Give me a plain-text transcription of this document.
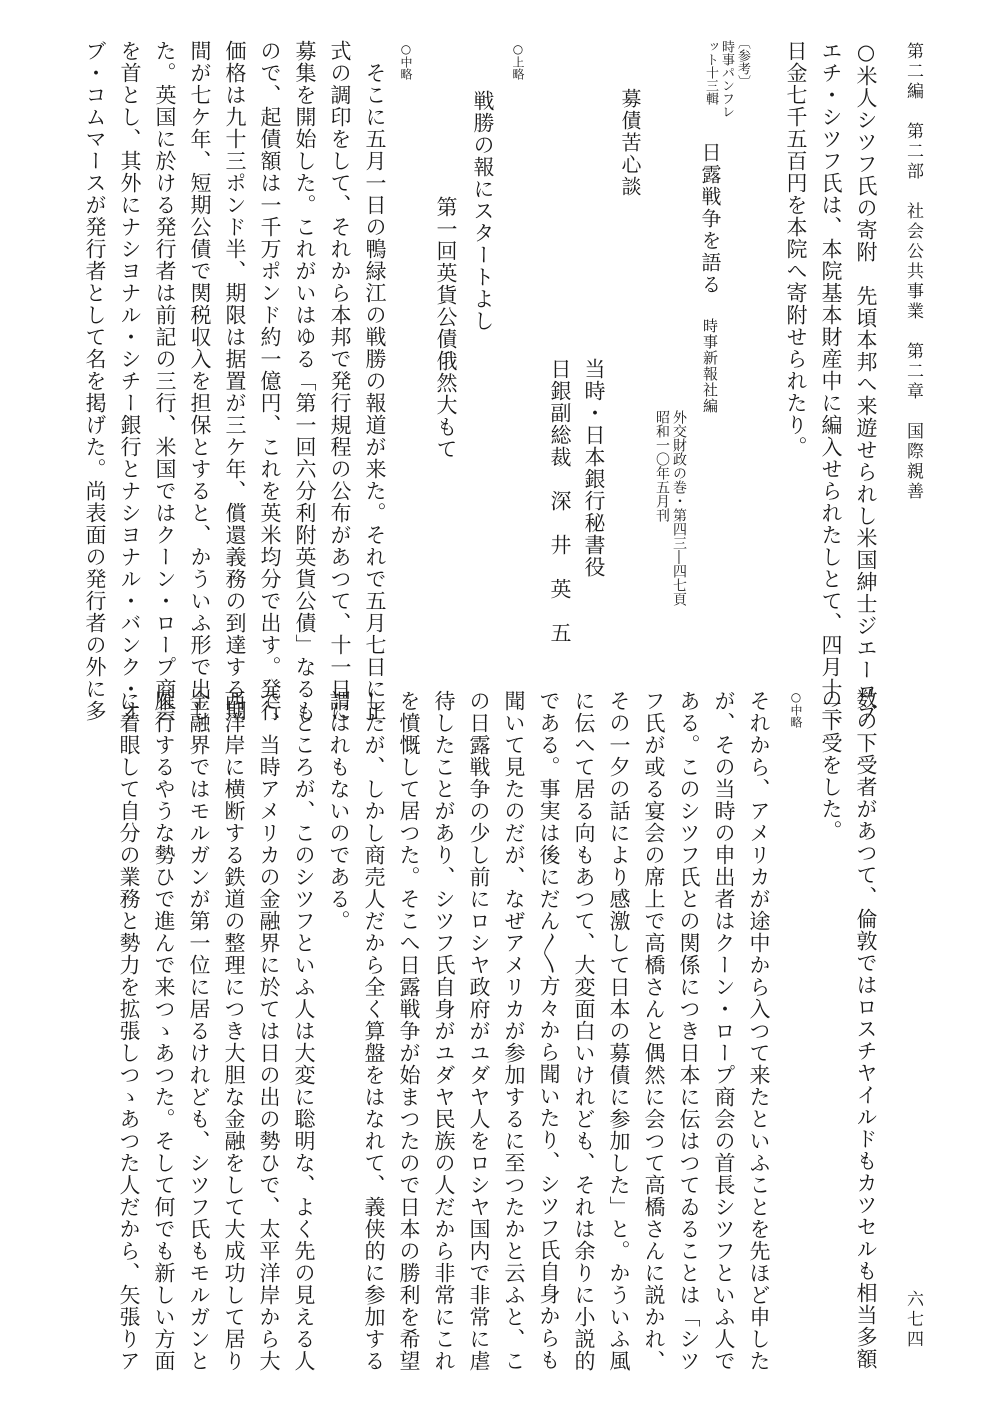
第二編　第二部　社会公共事業　第二章　国際親善
六七四
○米人シツフ氏の寄附　先頃本邦へ来遊せられし米国紳士ジエーコブ
エチ・シツフ氏は、本院基本財産中に編入せられたしとて、四月十三
日金七千五百円を本院へ寄附せられたり。
〔参考〕
時事パンフレ
ット十三輯
日露戦争を語る
時事新報社編
外交財政の巻・第四三―四七頁
昭和一〇年五月刊
募債苦心談
当時・日本銀行秘書役
日銀副総裁　深　井　英　五
○上略
戦勝の報にスタートよし
第一回英貨公債俄然大もて
○中略
そこに五月一日の鴨緑江の戦勝の報道が来た。それで五月七日に正
式の調印をして、それから本邦で発行規程の公布があつて、十一日に
募集を開始した。これがいはゆる「第一回六分利附英貨公債」なるも
ので、起債額は一千万ポンド約一億円、これを英米均分で出す。発行
価格は九十三ポンド半、期限は据置が三ケ年、償還義務の到達する期
間が七ケ年、短期公債で関税収入を担保とすると、かういふ形で出し
た。英国に於ける発行者は前記の三行、米国ではクーン・ロープ商会
を首とし、其外にナシヨナル・シチー銀行とナシヨナル・バンク・オ
ブ・コムマースが発行者として名を掲げた。尚表面の発行者の外に多
数の下受者があつて、倫敦ではロスチヤイルドもカツセルも相当多額
の下受をした。
○中略
それから、アメリカが途中から入つて来たといふことを先ほど申した
が、その当時の申出者はクーン・ロープ商会の首長シツフといふ人で
ある。このシツフ氏との関係につき日本に伝はつてゐることは「シツ
フ氏が或る宴会の席上で高橋さんと偶然に会つて高橋さんに説かれ、
その一夕の話により感激して日本の募債に参加した」と。かういふ風
に伝へて居る向もあつて、大変面白いけれども、それは余りに小説的
である。事実は後にだん〱方々から聞いたり、シツフ氏自身からも
聞いて見たのだが、なぜアメリカが参加するに至つたかと云ふと、こ
の日露戦争の少し前にロシヤ政府がユダヤ人をロシヤ国内で非常に虐
待したことがあり、シツフ氏自身がユダヤ民族の人だから非常にこれ
を憤慨して居つた。そこへ日露戦争が始まつたので日本の勝利を希望
したが、しかし商売人だから全く算盤をはなれて、義侠的に参加する
謂はれもないのである。
ところが、このシツフといふ人は大変に聡明な、よく先の見える人
で、当時アメリカの金融界に於ては日の出の勢ひで、太平洋岸から大
西洋岸に横断する鉄道の整理につき大胆な金融をして大成功して居り
金融界ではモルガンが第一位に居るけれども、シツフ氏もモルガンと
雁行するやうな勢ひで進んで来つゝあつた。そして何でも新しい方面
に着眼して自分の業務と勢力を拡張しつゝあつた人だから、矢張りア
